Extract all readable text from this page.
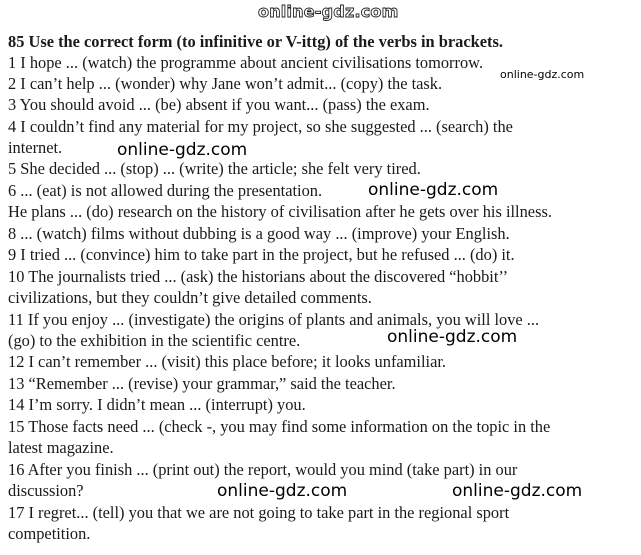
online-gdz.com
85 Use the correct form (to infinitive or V-ittg) of the verbs in brackets.
1 I hope ... (watch) the programme about ancient civilisations tomorrow.
2 I can’t help ... (wonder) why Jane won’t admit... (copy) the task.
3 You should avoid ... (be) absent if you want... (pass) the exam.
4 I couldn’t find any material for my project, so she suggested ... (search) the
internet.
5 She decided ... (stop) ... (write) the article; she felt very tired.
6 ... (eat) is not allowed during the presentation.
He plans ... (do) research on the history of civilisation after he gets over his illness.
8 ... (watch) films without dubbing is a good way ... (improve) your English.
9 I tried ... (convince) him to take part in the project, but he refused ... (do) it.
10 The journalists tried ... (ask) the historians about the discovered “hobbit’’
civilizations, but they couldn’t give detailed comments.
11 If you enjoy ... (investigate) the origins of plants and animals, you will love ...
(go) to the exhibition in the scientific centre.
12 I can’t remember ... (visit) this place before; it looks unfamiliar.
13 “Remember ... (revise) your grammar,” said the teacher.
14 I’m sorry. I didn’t mean ... (interrupt) you.
15 Those facts need ... (check -, you may find some information on the topic in the
latest magazine.
16 After you finish ... (print out) the report, would you mind (take part) in our
discussion?
17 I regret... (tell) you that we are not going to take part in the regional sport
competition.
online-gdz.com
online-gdz.com
online-gdz.com
online-gdz.com
online-gdz.com	online-gdz.com
